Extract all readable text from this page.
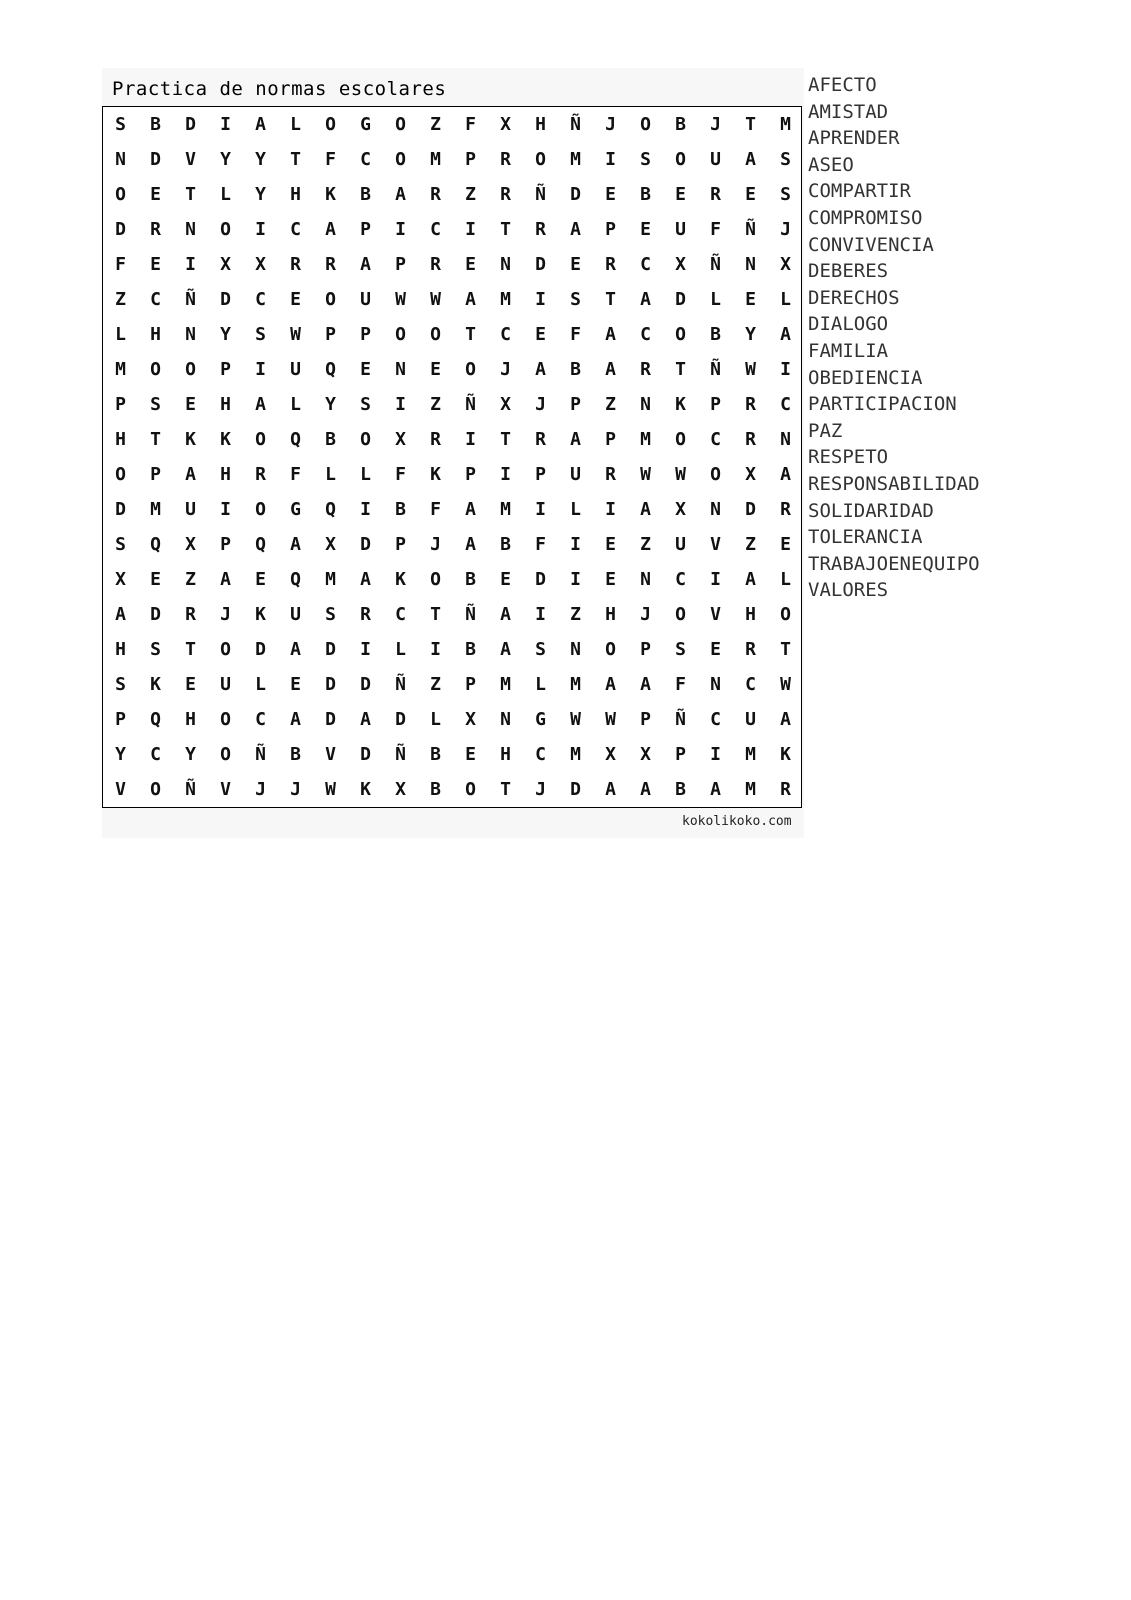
Practica de normas escolares
S	B	D	I	A	L	O	G	O	Z	F	X	H	Ñ	J	O	B	J	T	M
N	D	V	Y	Y	T	F	C	O	M	P	R	O	M	I	S	O	U	A	S
O	E	T	L	Y	H	K	B	A	R	Z	R	Ñ	D	E	B	E	R	E	S
D	R	N	O	I	C	A	P	I	C	I	T	R	A	P	E	U	F	Ñ	J
F	E	I	X	X	R	R	A	P	R	E	N	D	E	R	C	X	Ñ	N	X
Z	C	Ñ	D	C	E	O	U	W	W	A	M	I	S	T	A	D	L	E	L
L	H	N	Y	S	W	P	P	O	O	T	C	E	F	A	C	O	B	Y	A
M	O	O	P	I	U	Q	E	N	E	O	J	A	B	A	R	T	Ñ	W	I
P	S	E	H	A	L	Y	S	I	Z	Ñ	X	J	P	Z	N	K	P	R	C
H	T	K	K	O	Q	B	O	X	R	I	T	R	A	P	M	O	C	R	N
O	P	A	H	R	F	L	L	F	K	P	I	P	U	R	W	W	O	X	A
D	M	U	I	O	G	Q	I	B	F	A	M	I	L	I	A	X	N	D	R
S	Q	X	P	Q	A	X	D	P	J	A	B	F	I	E	Z	U	V	Z	E
X	E	Z	A	E	Q	M	A	K	O	B	E	D	I	E	N	C	I	A	L
A	D	R	J	K	U	S	R	C	T	Ñ	A	I	Z	H	J	O	V	H	O
H	S	T	O	D	A	D	I	L	I	B	A	S	N	O	P	S	E	R	T
S	K	E	U	L	E	D	D	Ñ	Z	P	M	L	M	A	A	F	N	C	W
P	Q	H	O	C	A	D	A	D	L	X	N	G	W	W	P	Ñ	C	U	A
Y	C	Y	O	Ñ	B	V	D	Ñ	B	E	H	C	M	X	X	P	I	M	K
V	O	Ñ	V	J	J	W	K	X	B	O	T	J	D	A	A	B	A	M	R
kokolikoko.com
AFECTO
AMISTAD
APRENDER
ASEO
COMPARTIR
COMPROMISO
CONVIVENCIA
DEBERES
DERECHOS
DIALOGO
FAMILIA
OBEDIENCIA
PARTICIPACION
PAZ
RESPETO
RESPONSABILIDAD
SOLIDARIDAD
TOLERANCIA
TRABAJOENEQUIPO
VALORES
